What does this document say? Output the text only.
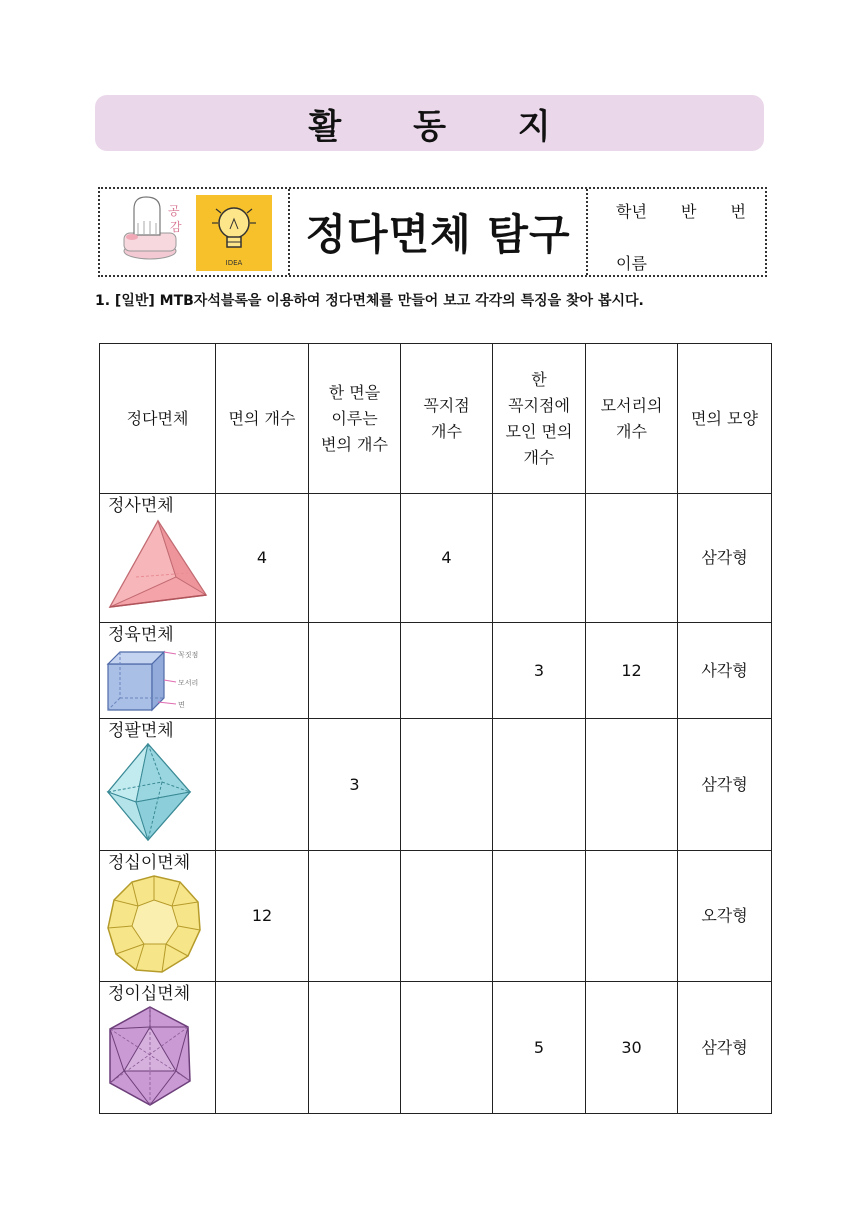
활 동 지
공
감
IDEA
정다면체 탐구	학년 반 번
이름
1. [일반] MTB자석블록을 이용하여 정다면체를 만들어 보고 각각의 특징을 찾아 봅시다.
정다면체	면의 개수	한 면을
이루는
변의 개수	꼭지점
개수	한
꼭지점에
모인 면의
개수	모서리의
개수	면의 모양

정사면체	4		4			삼각형

정육면체
꼭짓점
모서리
면				3	12	사각형

정팔면체		3				삼각형

정십이면체	12					오각형

정이십면체				5	30	삼각형
